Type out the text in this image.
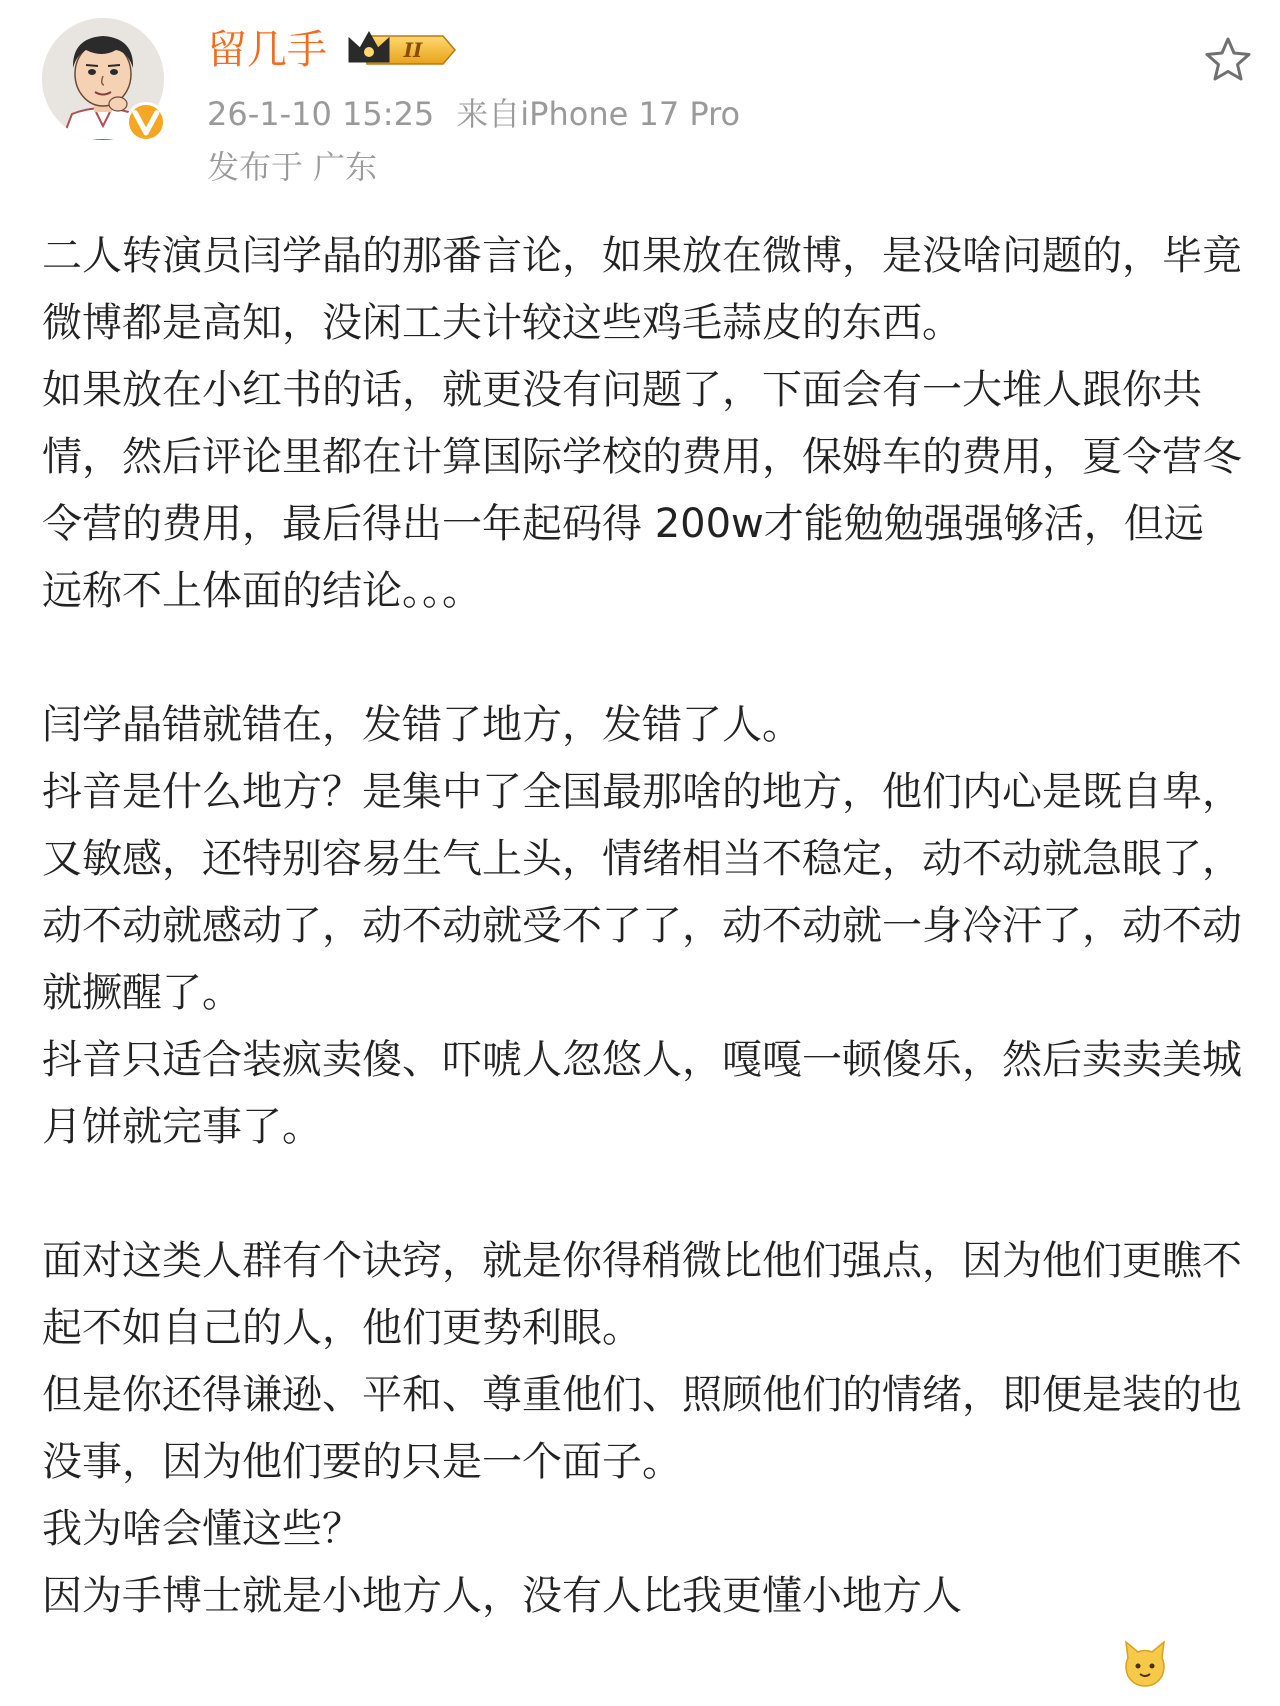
留几手	II
26-1-10 15:25 来自iPhone 17 Pro
发布于 广东

二人转演员闫学晶的那番言论，如果放在微博，是没啥问题的，毕竟微博都是高知，没闲工夫计较这些鸡毛蒜皮的东西。

如果放在小红书的话，就更没有问题了，下面会有一大堆人跟你共情，然后评论里都在计算国际学校的费用，保姆车的费用，夏令营冬令营的费用，最后得出一年起码得 200w才能勉勉强强够活，但远远称不上体面的结论。。。

闫学晶错就错在，发错了地方，发错了人。

抖音是什么地方？是集中了全国最那啥的地方，他们内心是既自卑，又敏感，还特别容易生气上头，情绪相当不稳定，动不动就急眼了，动不动就感动了，动不动就受不了了，动不动就一身冷汗了，动不动就撅醒了。

抖音只适合装疯卖傻、吓唬人忽悠人，嘎嘎一顿傻乐，然后卖卖美城月饼就完事了。

面对这类人群有个诀窍，就是你得稍微比他们强点，因为他们更瞧不起不如自己的人，他们更势利眼。

但是你还得谦逊、平和、尊重他们、照顾他们的情绪，即便是装的也没事，因为他们要的只是一个面子。

我为啥会懂这些？

因为手博士就是小地方人，没有人比我更懂小地方人
